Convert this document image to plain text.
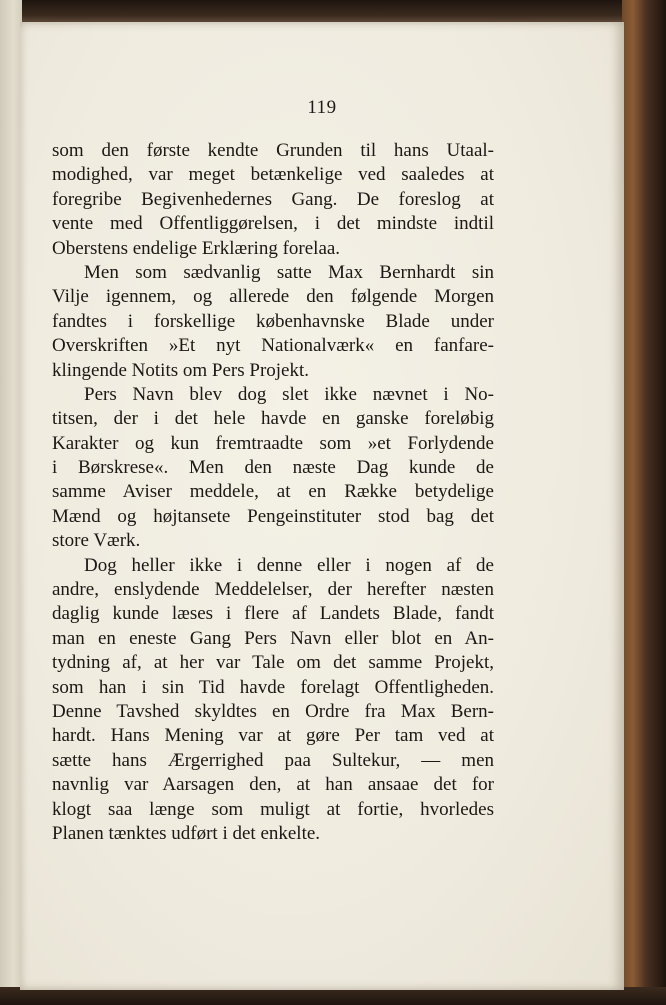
119
som den første kendte Grunden til hans Utaal-
modighed, var meget betænkelige ved saaledes at
foregribe Begivenhedernes Gang. De foreslog at
vente med Offentliggørelsen, i det mindste indtil
Oberstens endelige Erklæring forelaa.
Men som sædvanlig satte Max Bernhardt sin
Vilje igennem, og allerede den følgende Morgen
fandtes i forskellige københavnske Blade under
Overskriften »Et nyt Nationalværk« en fanfare-
klingende Notits om Pers Projekt.
Pers Navn blev dog slet ikke nævnet i No-
titsen, der i det hele havde en ganske foreløbig
Karakter og kun fremtraadte som »et Forlydende
i Børskrese«. Men den næste Dag kunde de
samme Aviser meddele, at en Række betydelige
Mænd og højtansete Pengeinstituter stod bag det
store Værk.
Dog heller ikke i denne eller i nogen af de
andre, enslydende Meddelelser, der herefter næsten
daglig kunde læses i flere af Landets Blade, fandt
man en eneste Gang Pers Navn eller blot en An-
tydning af, at her var Tale om det samme Projekt,
som han i sin Tid havde forelagt Offentligheden.
Denne Tavshed skyldtes en Ordre fra Max Bern-
hardt. Hans Mening var at gøre Per tam ved at
sætte hans Ærgerrighed paa Sultekur, — men
navnlig var Aarsagen den, at han ansaae det for
klogt saa længe som muligt at fortie, hvorledes
Planen tænktes udført i det enkelte.
